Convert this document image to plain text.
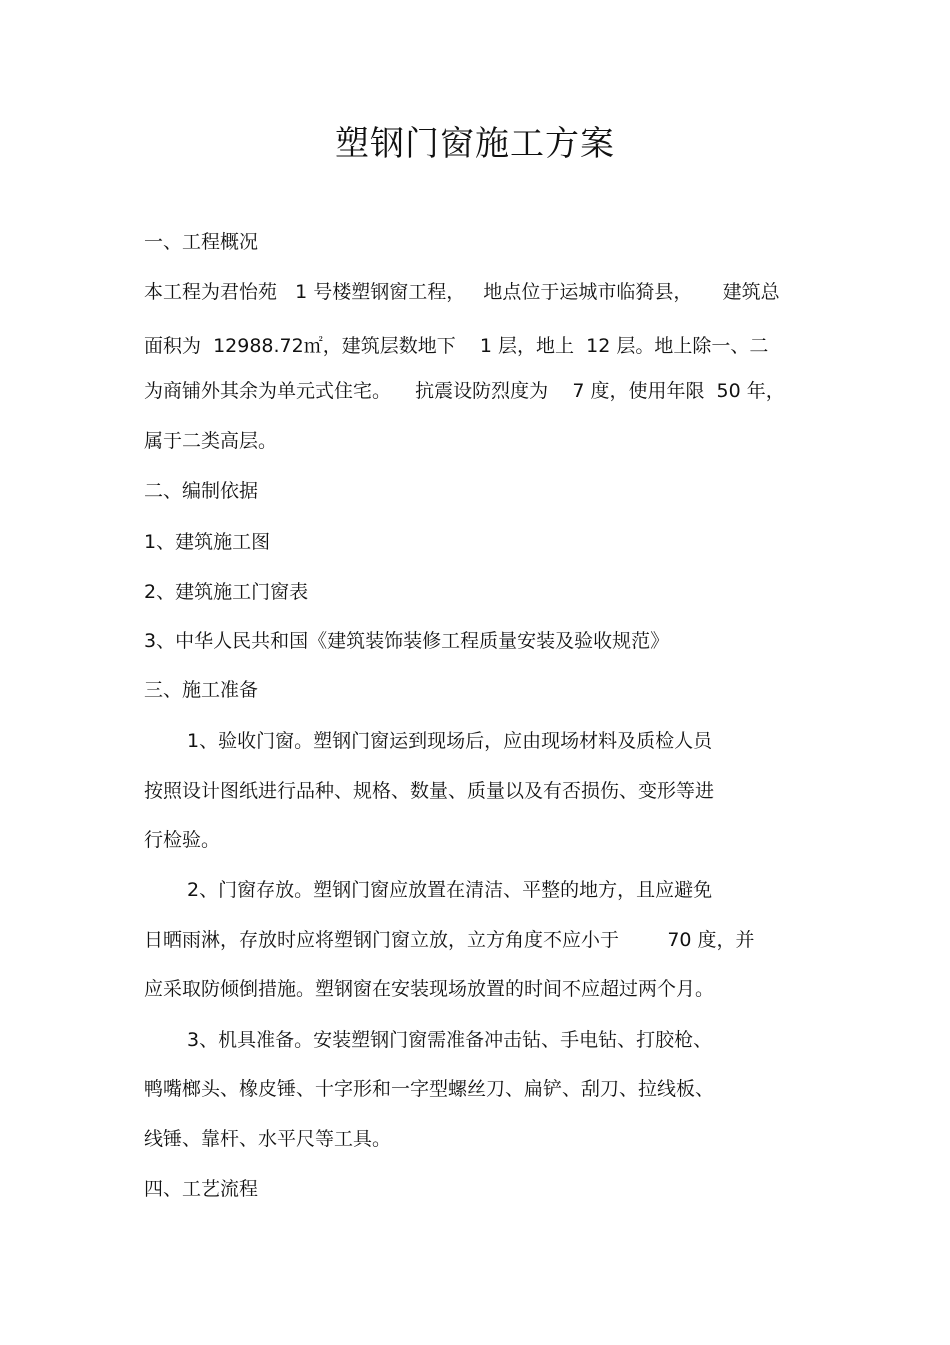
塑钢门窗施工方案
一、工程概况
本工程为君怡苑   1 号楼塑钢窗工程，   地点位于运城市临猗县，     建筑总
面积为  12988.72㎡，建筑层数地下    1 层，地上  12 层。地上除一、二
为商铺外其余为单元式住宅。    抗震设防烈度为    7 度，使用年限  50 年，
属于二类高层。
二、编制依据
1、建筑施工图
2、建筑施工门窗表
3、中华人民共和国《建筑装饰装修工程质量安装及验收规范》
三、施工准备
1、验收门窗。塑钢门窗运到现场后，应由现场材料及质检人员
按照设计图纸进行品种、规格、数量、质量以及有否损伤、变形等进
行检验。
2、门窗存放。塑钢门窗应放置在清洁、平整的地方，且应避免
日晒雨淋，存放时应将塑钢门窗立放，立方角度不应小于        70 度，并
应采取防倾倒措施。塑钢窗在安装现场放置的时间不应超过两个月。
3、机具准备。安装塑钢门窗需准备冲击钻、手电钻、打胶枪、
鸭嘴榔头、橡皮锤、十字形和一字型螺丝刀、扁铲、刮刀、拉线板、
线锤、靠杆、水平尺等工具。
四、工艺流程
